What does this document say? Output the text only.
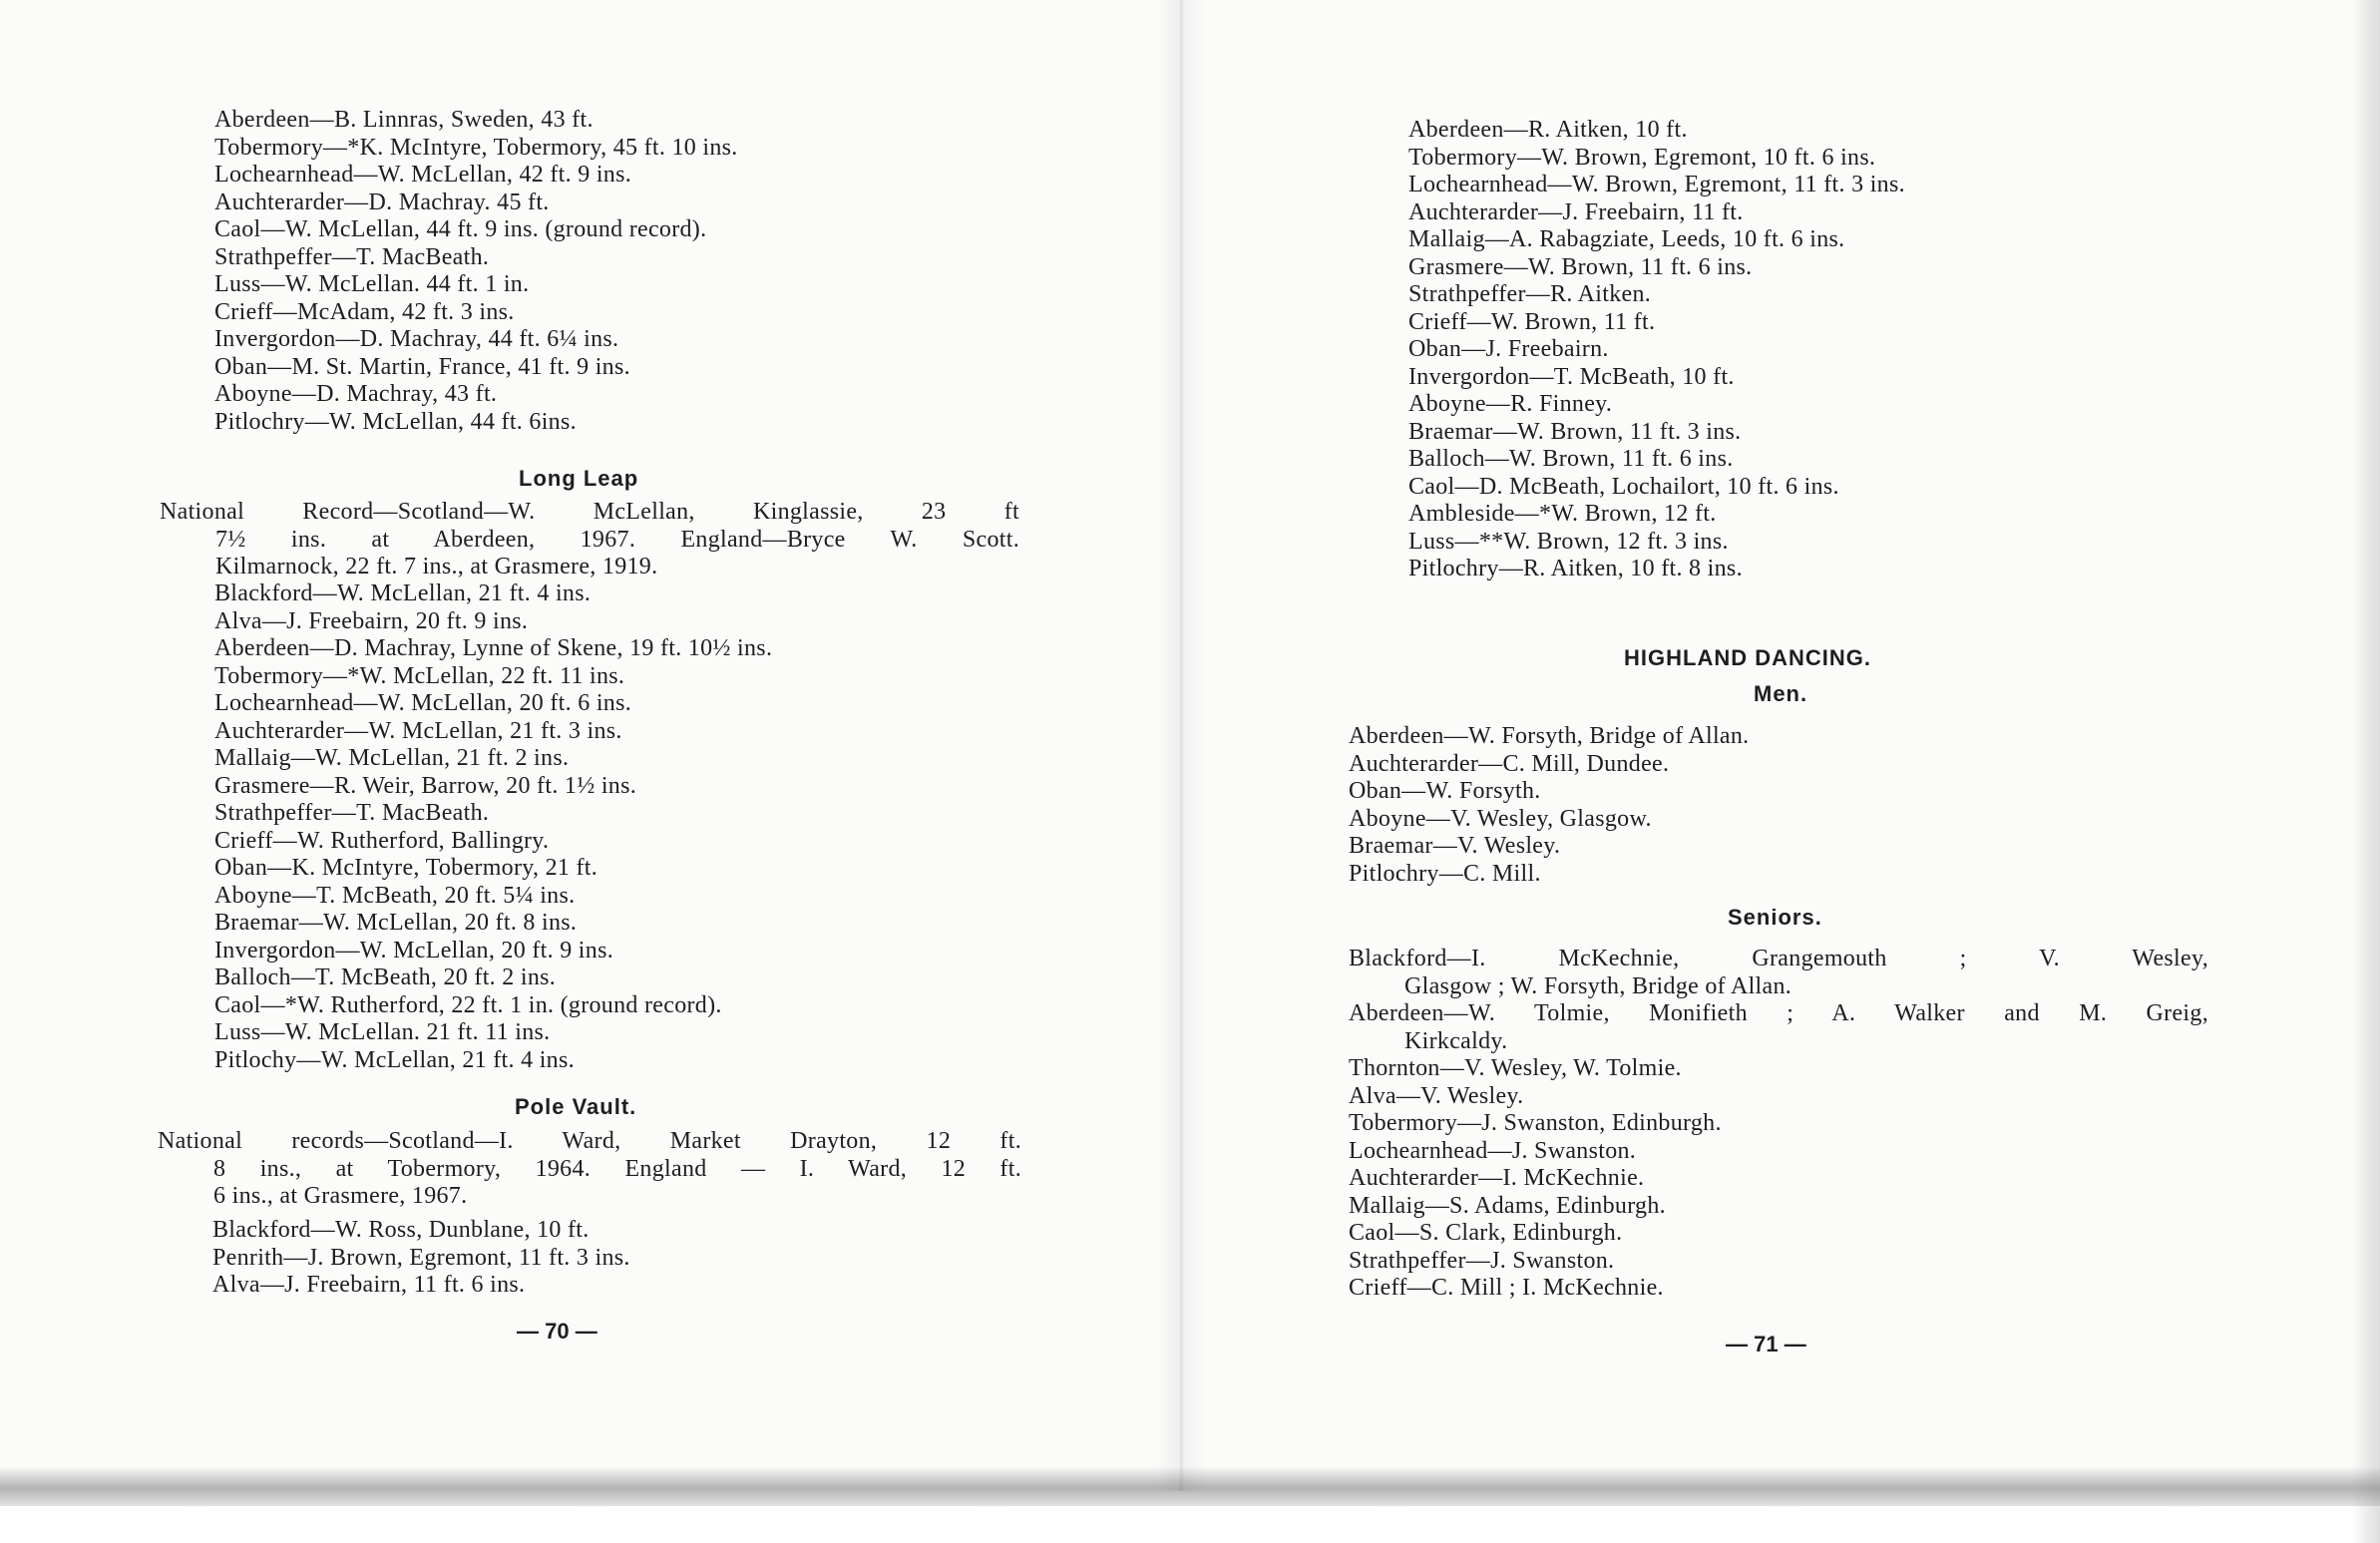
Aberdeen—B. Linnras, Sweden, 43 ft.
Tobermory—*K. McIntyre, Tobermory, 45 ft. 10 ins.
Lochearnhead—W. McLellan, 42 ft. 9 ins.
Auchterarder—D. Machray. 45 ft.
Caol—W. McLellan, 44 ft. 9 ins. (ground record).
Strathpeffer—T. MacBeath.
Luss—W. McLellan. 44 ft. 1 in.
Crieff—McAdam, 42 ft. 3 ins.
Invergordon—D. Machray, 44 ft. 6¼ ins.
Oban—M. St. Martin, France, 41 ft. 9 ins.
Aboyne—D. Machray, 43 ft.
Pitlochry—W. McLellan, 44 ft. 6ins.
Long Leap
National Record—Scotland—W. McLellan, Kinglassie, 23 ft
7½ ins. at Aberdeen, 1967. England—Bryce W. Scott.
Kilmarnock, 22 ft. 7 ins., at Grasmere, 1919.
Blackford—W. McLellan, 21 ft. 4 ins.
Alva—J. Freebairn, 20 ft. 9 ins.
Aberdeen—D. Machray, Lynne of Skene, 19 ft. 10½ ins.
Tobermory—*W. McLellan, 22 ft. 11 ins.
Lochearnhead—W. McLellan, 20 ft. 6 ins.
Auchterarder—W. McLellan, 21 ft. 3 ins.
Mallaig—W. McLellan, 21 ft. 2 ins.
Grasmere—R. Weir, Barrow, 20 ft. 1½ ins.
Strathpeffer—T. MacBeath.
Crieff—W. Rutherford, Ballingry.
Oban—K. McIntyre, Tobermory, 21 ft.
Aboyne—T. McBeath, 20 ft. 5¼ ins.
Braemar—W. McLellan, 20 ft. 8 ins.
Invergordon—W. McLellan, 20 ft. 9 ins.
Balloch—T. McBeath, 20 ft. 2 ins.
Caol—*W. Rutherford, 22 ft. 1 in. (ground record).
Luss—W. McLellan. 21 ft. 11 ins.
Pitlochy—W. McLellan, 21 ft. 4 ins.
Pole Vault.
National records—Scotland—I. Ward, Market Drayton, 12 ft.
8 ins., at Tobermory, 1964. England — I. Ward, 12 ft.
6 ins., at Grasmere, 1967.
Blackford—W. Ross, Dunblane, 10 ft.
Penrith—J. Brown, Egremont, 11 ft. 3 ins.
Alva—J. Freebairn, 11 ft. 6 ins.
— 70 —
Aberdeen—R. Aitken, 10 ft.
Tobermory—W. Brown, Egremont, 10 ft. 6 ins.
Lochearnhead—W. Brown, Egremont, 11 ft. 3 ins.
Auchterarder—J. Freebairn, 11 ft.
Mallaig—A. Rabagziate, Leeds, 10 ft. 6 ins.
Grasmere—W. Brown, 11 ft. 6 ins.
Strathpeffer—R. Aitken.
Crieff—W. Brown, 11 ft.
Oban—J. Freebairn.
Invergordon—T. McBeath, 10 ft.
Aboyne—R. Finney.
Braemar—W. Brown, 11 ft. 3 ins.
Balloch—W. Brown, 11 ft. 6 ins.
Caol—D. McBeath, Lochailort, 10 ft. 6 ins.
Ambleside—*W. Brown, 12 ft.
Luss—**W. Brown, 12 ft. 3 ins.
Pitlochry—R. Aitken, 10 ft. 8 ins.
HIGHLAND DANCING.
Men.
Aberdeen—W. Forsyth, Bridge of Allan.
Auchterarder—C. Mill, Dundee.
Oban—W. Forsyth.
Aboyne—V. Wesley, Glasgow.
Braemar—V. Wesley.
Pitlochry—C. Mill.
Seniors.
Blackford—I. McKechnie, Grangemouth ; V. Wesley,
Glasgow ; W. Forsyth, Bridge of Allan.
Aberdeen—W. Tolmie, Monifieth ; A. Walker and M. Greig,
Kirkcaldy.
Thornton—V. Wesley, W. Tolmie.
Alva—V. Wesley.
Tobermory—J. Swanston, Edinburgh.
Lochearnhead—J. Swanston.
Auchterarder—I. McKechnie.
Mallaig—S. Adams, Edinburgh.
Caol—S. Clark, Edinburgh.
Strathpeffer—J. Swanston.
Crieff—C. Mill ; I. McKechnie.
— 71 —
